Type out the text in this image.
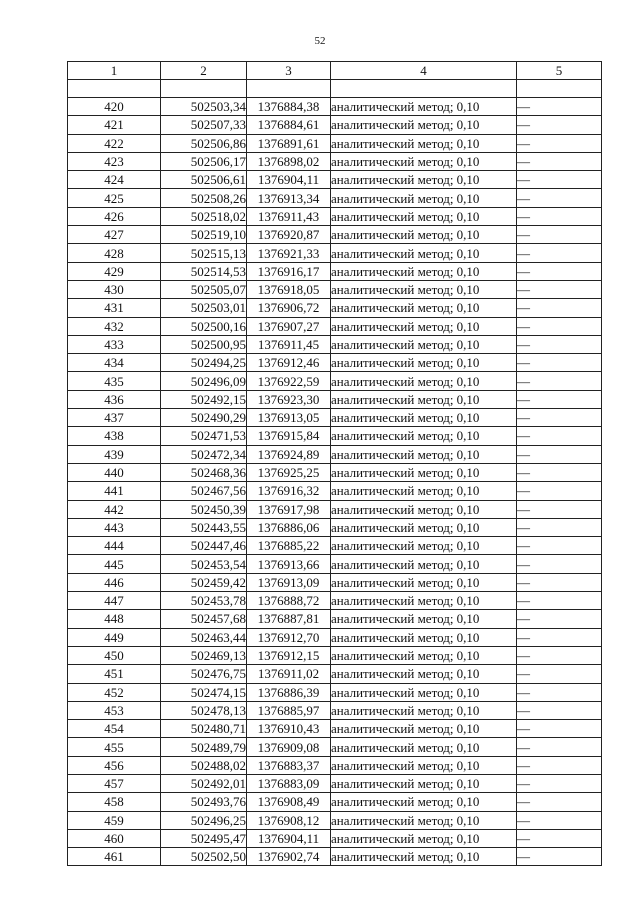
52
1	2	3	4	5

420	502503,34	1376884,38	аналитический метод; 0,10	—
421	502507,33	1376884,61	аналитический метод; 0,10	—
422	502506,86	1376891,61	аналитический метод; 0,10	—
423	502506,17	1376898,02	аналитический метод; 0,10	—
424	502506,61	1376904,11	аналитический метод; 0,10	—
425	502508,26	1376913,34	аналитический метод; 0,10	—
426	502518,02	1376911,43	аналитический метод; 0,10	—
427	502519,10	1376920,87	аналитический метод; 0,10	—
428	502515,13	1376921,33	аналитический метод; 0,10	—
429	502514,53	1376916,17	аналитический метод; 0,10	—
430	502505,07	1376918,05	аналитический метод; 0,10	—
431	502503,01	1376906,72	аналитический метод; 0,10	—
432	502500,16	1376907,27	аналитический метод; 0,10	—
433	502500,95	1376911,45	аналитический метод; 0,10	—
434	502494,25	1376912,46	аналитический метод; 0,10	—
435	502496,09	1376922,59	аналитический метод; 0,10	—
436	502492,15	1376923,30	аналитический метод; 0,10	—
437	502490,29	1376913,05	аналитический метод; 0,10	—
438	502471,53	1376915,84	аналитический метод; 0,10	—
439	502472,34	1376924,89	аналитический метод; 0,10	—
440	502468,36	1376925,25	аналитический метод; 0,10	—
441	502467,56	1376916,32	аналитический метод; 0,10	—
442	502450,39	1376917,98	аналитический метод; 0,10	—
443	502443,55	1376886,06	аналитический метод; 0,10	—
444	502447,46	1376885,22	аналитический метод; 0,10	—
445	502453,54	1376913,66	аналитический метод; 0,10	—
446	502459,42	1376913,09	аналитический метод; 0,10	—
447	502453,78	1376888,72	аналитический метод; 0,10	—
448	502457,68	1376887,81	аналитический метод; 0,10	—
449	502463,44	1376912,70	аналитический метод; 0,10	—
450	502469,13	1376912,15	аналитический метод; 0,10	—
451	502476,75	1376911,02	аналитический метод; 0,10	—
452	502474,15	1376886,39	аналитический метод; 0,10	—
453	502478,13	1376885,97	аналитический метод; 0,10	—
454	502480,71	1376910,43	аналитический метод; 0,10	—
455	502489,79	1376909,08	аналитический метод; 0,10	—
456	502488,02	1376883,37	аналитический метод; 0,10	—
457	502492,01	1376883,09	аналитический метод; 0,10	—
458	502493,76	1376908,49	аналитический метод; 0,10	—
459	502496,25	1376908,12	аналитический метод; 0,10	—
460	502495,47	1376904,11	аналитический метод; 0,10	—
461	502502,50	1376902,74	аналитический метод; 0,10	—
